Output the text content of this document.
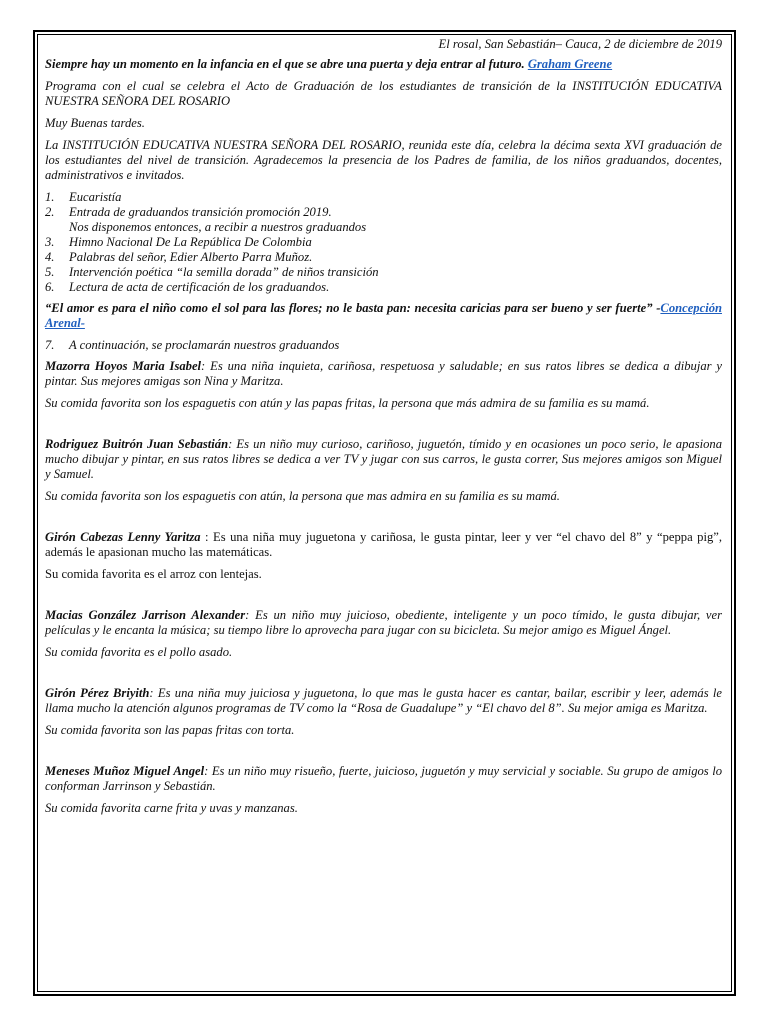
El rosal, San Sebastián– Cauca, 2 de diciembre de 2019

Siempre hay un momento en la infancia en el que se abre una puerta y deja entrar al futuro. Graham Greene

Programa con el cual se celebra el Acto de Graduación de los estudiantes de transición de la INSTITUCIÓN EDUCATIVA NUESTRA SEÑORA DEL ROSARIO

Muy Buenas tardes.

La INSTITUCIÓN EDUCATIVA NUESTRA SEÑORA DEL ROSARIO, reunida este día, celebra la décima sexta XVI graduación de los estudiantes del nivel de transición. Agradecemos la presencia de los Padres de familia, de los niños graduandos, docentes, administrativos e invitados.

1.	Eucaristía
2.	Entrada de graduandos transición promoción 2019.
Nos disponemos entonces, a recibir a nuestros graduandos
3.	Himno Nacional De La República De Colombia
4.	Palabras del señor, Edier Alberto Parra Muñoz.
5.	Intervención poética “la semilla dorada” de niños transición
6.	Lectura de acta de certificación de los graduandos.

“El amor es para el niño como el sol para las flores; no le basta pan: necesita caricias para ser bueno y ser fuerte” -Concepción Arenal-

7.	A continuación, se proclamarán nuestros graduandos

Mazorra Hoyos Maria Isabel: Es una niña inquieta, cariñosa, respetuosa y saludable; en sus ratos libres se dedica a dibujar y pintar. Sus mejores amigas son Nina y Maritza.

Su comida favorita son los espaguetis con atún y las papas fritas, la persona que más admira de su familia es su mamá.

Rodriguez Buitrón Juan Sebastián: Es un niño muy curioso, cariñoso, juguetón, tímido y en ocasiones un poco serio, le apasiona mucho dibujar y pintar, en sus ratos libres se dedica a ver TV y jugar con sus carros, le gusta correr, Sus mejores amigos son Miguel y Samuel.

Su comida favorita son los espaguetis con atún, la persona que mas admira en su familia es su mamá.

Girón Cabezas Lenny Yaritza : Es una niña muy juguetona y cariñosa, le gusta pintar, leer y ver “el chavo del 8” y “peppa pig”, además le apasionan mucho las matemáticas.

Su comida favorita es el arroz con lentejas.

Macias González Jarrison Alexander: Es un niño muy juicioso, obediente, inteligente y un poco tímido, le gusta dibujar, ver películas y le encanta la música; su tiempo libre lo aprovecha para jugar con su bicicleta. Su mejor amigo es Miguel Ángel.

Su comida favorita es el pollo asado.

Girón Pérez Briyith: Es una niña muy juiciosa y juguetona, lo que mas le gusta hacer es cantar, bailar, escribir y leer, además le llama mucho la atención algunos programas de TV como la “Rosa de Guadalupe” y “El chavo del 8”. Su mejor amiga es Maritza.

Su comida favorita son las papas fritas con torta.

Meneses Muñoz Miguel Angel: Es un niño muy risueño, fuerte, juicioso, juguetón y muy servicial y sociable. Su grupo de amigos lo conforman Jarrinson y Sebastián.

Su comida favorita carne frita y uvas y manzanas.
